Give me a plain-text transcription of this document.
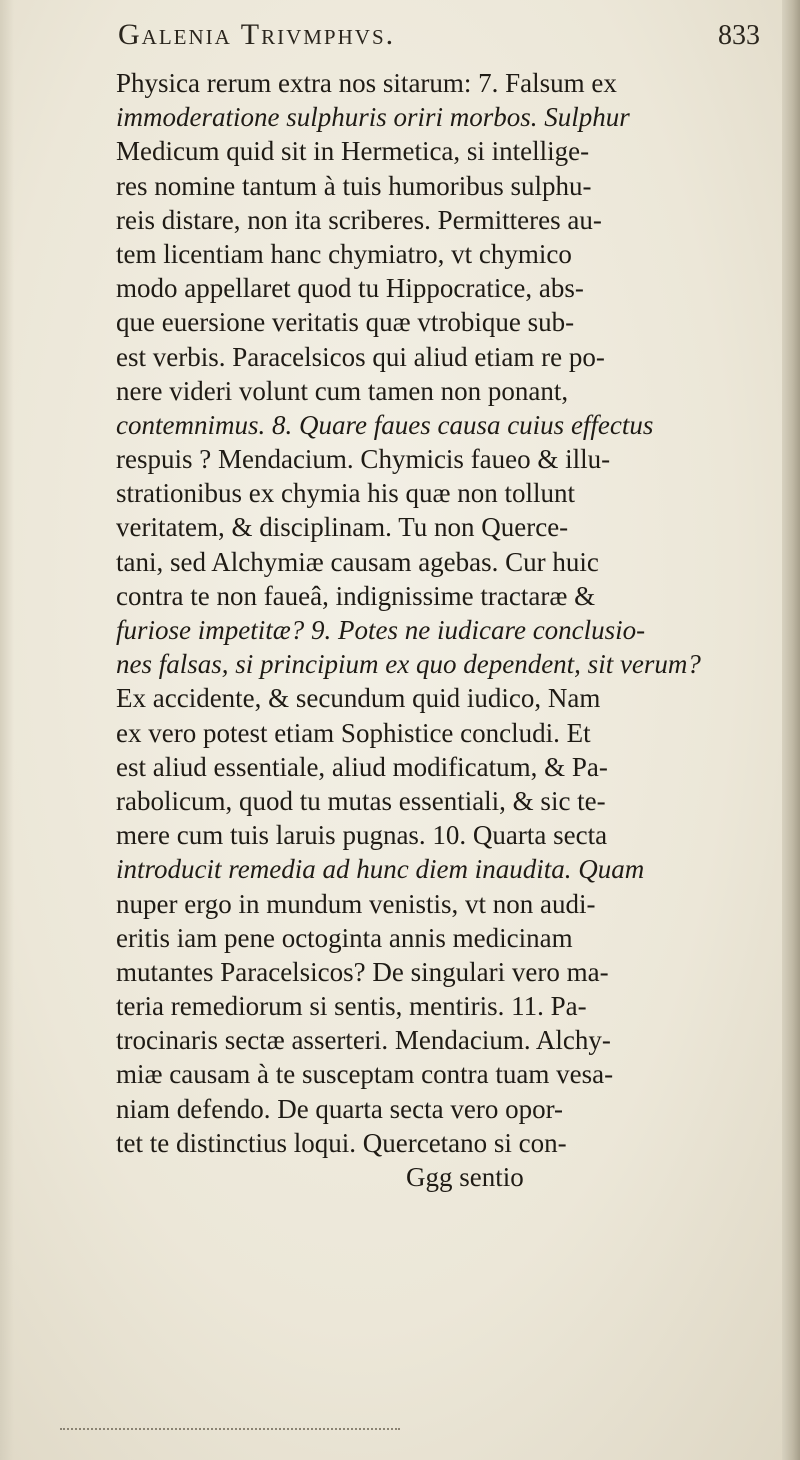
Galenia Trivmphvs.	833
Physica rerum extra nos sitarum: 7. Falsum ex
immoderatione sulphuris oriri morbos. Sulphur
Medicum quid sit in Hermetica, si intellige-
res nomine tantum à tuis humoribus sulphu-
reis distare, non ita scriberes. Permitteres au-
tem licentiam hanc chymiatro, vt chymico
modo appellaret quod tu Hippocratice, abs-
que euersione veritatis quæ vtrobique sub-
est verbis. Paracelsicos qui aliud etiam re po-
nere videri volunt cum tamen non ponant,
contemnimus. 8. Quare faues causa cuius effectus
respuis ? Mendacium. Chymicis faueo & illu-
strationibus ex chymia his quæ non tollunt
veritatem, & disciplinam. Tu non Querce-
tani, sed Alchymiæ causam agebas. Cur huic
contra te non faueâ, indignissime tractaræ &
furiose impetitæ? 9. Potes ne iudicare conclusio-
nes falsas, si principium ex quo dependent, sit verum?
Ex accidente, & secundum quid iudico, Nam
ex vero potest etiam Sophistice concludi. Et
est aliud essentiale, aliud modificatum, & Pa-
rabolicum, quod tu mutas essentiali, & sic te-
mere cum tuis laruis pugnas. 10. Quarta secta
introducit remedia ad hunc diem inaudita. Quam
nuper ergo in mundum venistis, vt non audi-
eritis iam pene octoginta annis medicinam
mutantes Paracelsicos? De singulari vero ma-
teria remediorum si sentis, mentiris. 11. Pa-
trocinaris sectæ asserteri. Mendacium. Alchy-
miæ causam à te susceptam contra tuam vesa-
niam defendo. De quarta secta vero opor-
tet te distinctius loqui. Quercetano si con-
Ggg sentio
